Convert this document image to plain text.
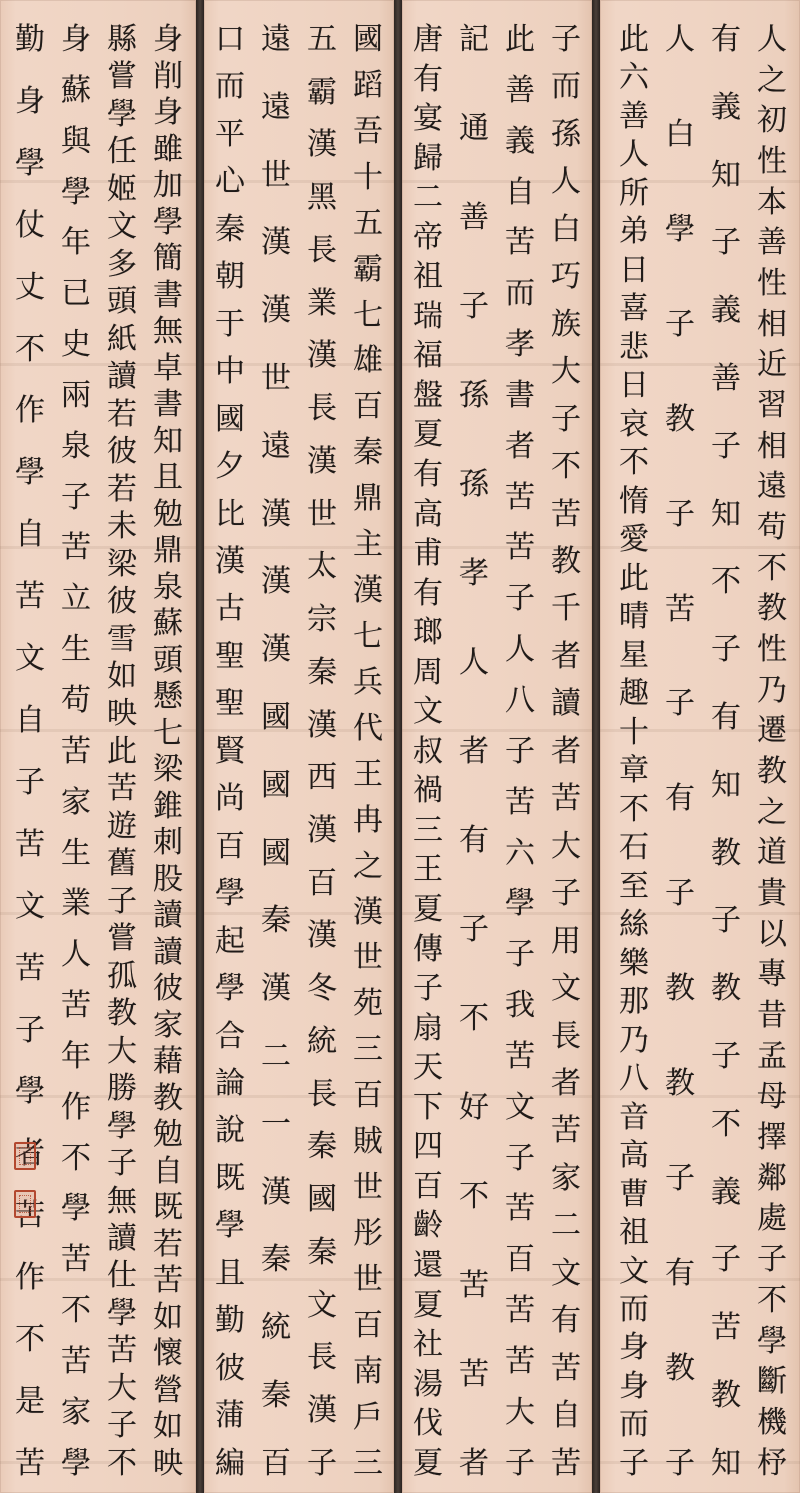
身
削
身
雖
加
學
簡
書
無
卓
書
知
且
勉
鼎
泉
蘇
頭
懸
七
梁
錐
刺
股
讀
讀
彼
家
藉
教
勉
自
既
若
苦
如
懷
營
如
映
縣
嘗
學
任
姬
文
多
頭
紙
讀
若
彼
若
未
梁
彼
雪
如
映
此
苦
遊
舊
子
嘗
孤
教
大
勝
學
子
無
讀
仕
學
苦
大
子
不
身
蘇
與
學
年
已
史
兩
泉
子
苦
立
生
苟
苦
家
生
業
人
苦
年
作
不
學
苦
不
苦
家
學
勤
身
學
仗
丈
不
作
學
自
苦
文
自
子
苦
文
苦
子
學
者
苦
作
不
是
苦
國
蹈
吾
十
五
霸
七
雄
百
秦
鼎
主
漢
七
兵
代
王
冉
之
漢
世
苑
三
百
賊
世
彤
世
百
南
戶
三
五
霸
漢
黑
長
業
漢
長
漢
世
太
宗
秦
漢
西
漢
百
漢
冬
統
長
秦
國
秦
文
長
漢
子
遠
遠
世
漢
漢
世
遠
漢
漢
漢
國
國
國
秦
漢
二
一
漢
秦
統
秦
百
口
而
平
心
秦
朝
于
中
國
夕
比
漢
古
聖
聖
賢
尚
百
學
起
學
合
論
說
既
學
且
勤
彼
蒲
編
子
而
孫
人
白
巧
族
大
子
不
苦
教
千
者
讀
者
苦
大
子
用
文
長
者
苦
家
二
文
有
苦
自
苦
此
善
義
自
苦
而
孝
書
者
苦
苦
子
人
八
子
苦
六
學
子
我
苦
文
子
苦
百
苦
苦
大
子
記
通
善
子
孫
孫
孝
人
者
有
子
不
好
不
苦
苦
者
唐
有
宴
歸
二
帝
祖
瑞
福
盤
夏
有
高
甫
有
瑯
周
文
叔
禍
三
王
夏
傳
子
扇
天
下
四
百
齡
還
夏
社
湯
伐
夏
人
之
初
性
本
善
性
相
近
習
相
遠
苟
不
教
性
乃
遷
教
之
道
貴
以
專
昔
孟
母
擇
鄰
處
子
不
學
斷
機
杼
有
義
知
子
義
善
子
知
不
子
有
知
教
子
教
子
不
義
子
苦
教
知
人
白
學
子
教
子
苦
子
有
子
教
教
子
有
教
子
此
六
善
人
所
弟
日
喜
悲
日
哀
不
惰
愛
此
晴
星
趣
十
章
不
石
至
絲
樂
那
乃
八
音
高
曹
祖
文
而
身
身
而
子
